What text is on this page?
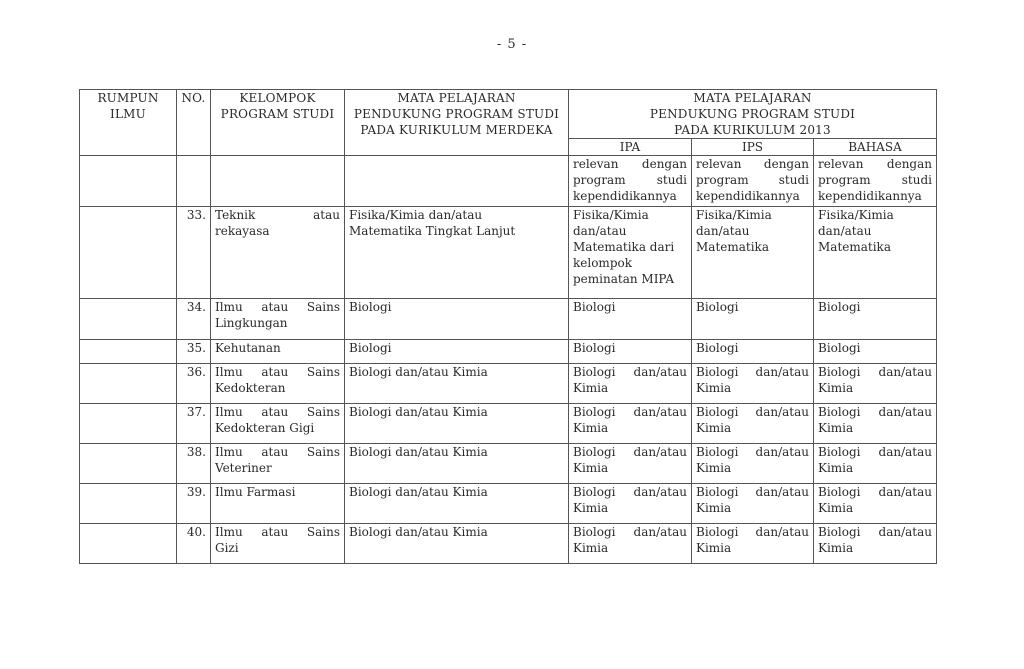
- 5 -
RUMPUN
ILMU	NO.	KELOMPOK
PROGRAM STUDI	MATA PELAJARAN
PENDUKUNG PROGRAM STUDI
PADA KURIKULUM MERDEKA	MATA PELAJARAN
PENDUKUNG PROGRAM STUDI
PADA KURIKULUM 2013		

				IPA	IPS	BAHASA

				relevan dengan
program studi
kependidikannya	relevan dengan
program studi
kependidikannya	relevan dengan
program studi
kependidikannya

	33.	Teknik atau
rekayasa	Fisika/Kimia dan/atau
Matematika Tingkat Lanjut	Fisika/Kimia
dan/atau
Matematika dari
kelompok
peminatan MIPA	Fisika/Kimia
dan/atau
Matematika	Fisika/Kimia
dan/atau
Matematika

	34.	Ilmu atau Sains
Lingkungan	Biologi	Biologi	Biologi	Biologi

	35.	Kehutanan	Biologi	Biologi	Biologi	Biologi

	36.	Ilmu atau Sains
Kedokteran	Biologi dan/atau Kimia	Biologi dan/atau
Kimia	Biologi dan/atau
Kimia	Biologi dan/atau
Kimia

	37.	Ilmu atau Sains
Kedokteran Gigi	Biologi dan/atau Kimia	Biologi dan/atau
Kimia	Biologi dan/atau
Kimia	Biologi dan/atau
Kimia

	38.	Ilmu atau Sains
Veteriner	Biologi dan/atau Kimia	Biologi dan/atau
Kimia	Biologi dan/atau
Kimia	Biologi dan/atau
Kimia

	39.	Ilmu Farmasi	Biologi dan/atau Kimia	Biologi dan/atau
Kimia	Biologi dan/atau
Kimia	Biologi dan/atau
Kimia

	40.	Ilmu atau Sains
Gizi	Biologi dan/atau Kimia	Biologi dan/atau
Kimia	Biologi dan/atau
Kimia	Biologi dan/atau
Kimia
